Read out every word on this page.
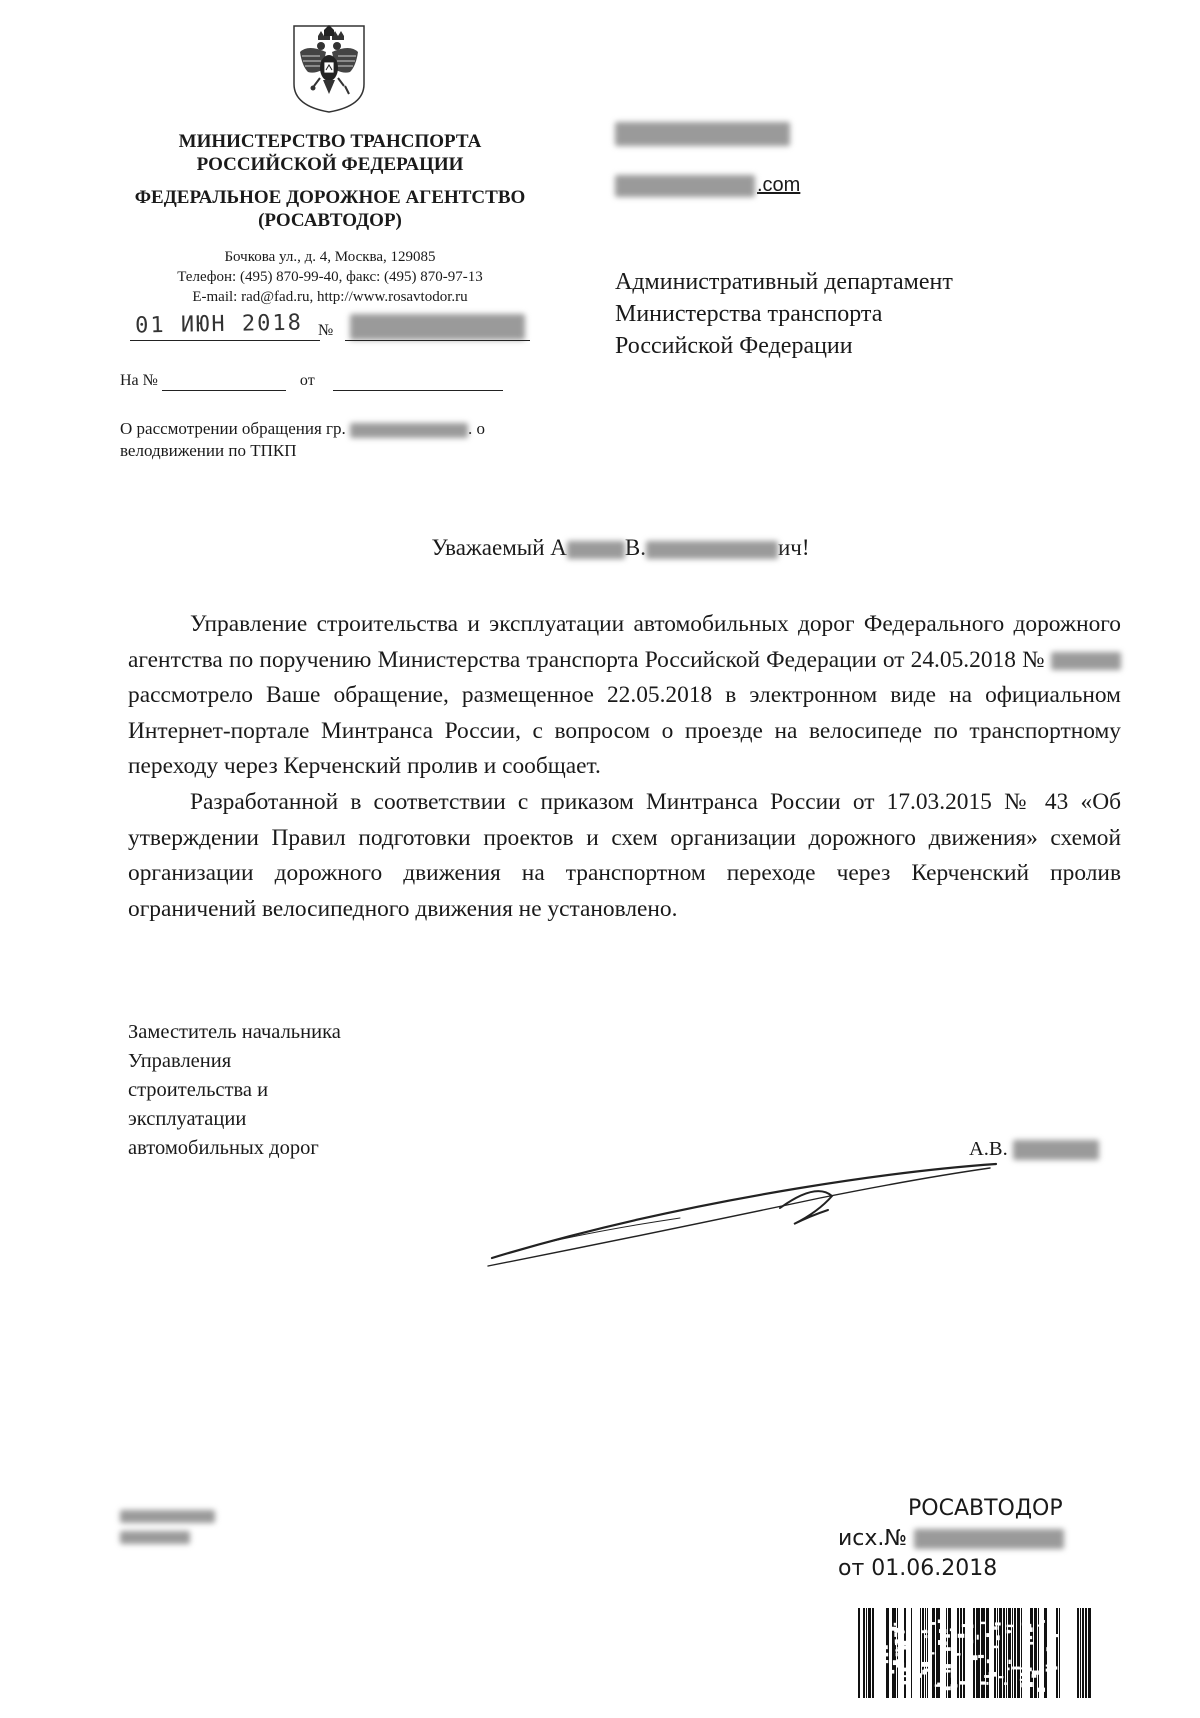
МИНИСТЕРСТВО ТРАНСПОРТА
РОССИЙСКОЙ ФЕДЕРАЦИИ
ФЕДЕРАЛЬНОЕ ДОРОЖНОЕ АГЕНТСТВО
(РОСАВТОДОР)
Бочкова ул., д. 4, Москва, 129085
Телефон: (495) 870-99-40, факс: (495) 870-97-13
E-mail: rad@fad.ru, http://www.rosavtodor.ru
01 ИЮН 2018 №
На №	от
О рассмотрении обращения гр.	. о
велодвижении по ТПКП
.com
Административный департамент
Министерства транспорта
Российской Федерации
Уважаемый А	В.	ич!

Управление строительства и эксплуатации автомобильных дорог Федерального дорожного агентства по поручению Министерства транспорта Российской Федерации от 24.05.2018 №  рассмотрело Ваше обращение, размещенное 22.05.2018 в электронном виде на официальном Интернет-портале Минтранса России, с вопросом о проезде на велосипеде по транспортному переходу через Керченский пролив и сообщает.

Разработанной в соответствии с приказом Минтранса России от 17.03.2015 № 43 «Об утверждении Правил подготовки проектов и схем организации дорожного движения» схемой организации дорожного движения на транспортном переходе через Керченский пролив ограничений велосипедного движения не установлено.

Заместитель начальника
Управления
строительства и
эксплуатации
автомобильных дорог	А.В.
РОСАВТОДОР
исх.№
от 01.06.2018
